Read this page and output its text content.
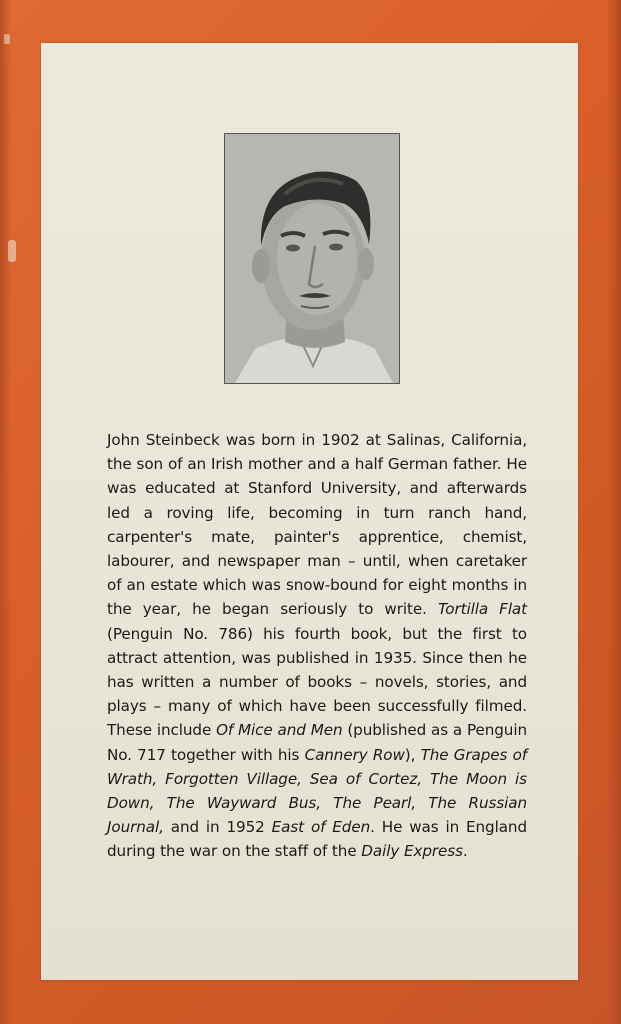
John Steinbeck was born in 1902 at Salinas, California, the son of an Irish mother and a half German father. He was educated at Stanford University, and afterwards led a roving life, becoming in turn ranch hand, carpenter's mate, painter's apprentice, chemist, labourer, and newspaper man – until, when caretaker of an estate which was snow-bound for eight months in the year, he began seriously to write. Tortilla Flat (Penguin No. 786) his fourth book, but the first to attract attention, was published in 1935. Since then he has written a number of books – novels, stories, and plays – many of which have been successfully filmed. These include Of Mice and Men (published as a Penguin No. 717 together with his Cannery Row), The Grapes of Wrath, Forgotten Village, Sea of Cortez, The Moon is Down, The Wayward Bus, The Pearl, The Russian Journal, and in 1952 East of Eden. He was in England during the war on the staff of the Daily Express.
